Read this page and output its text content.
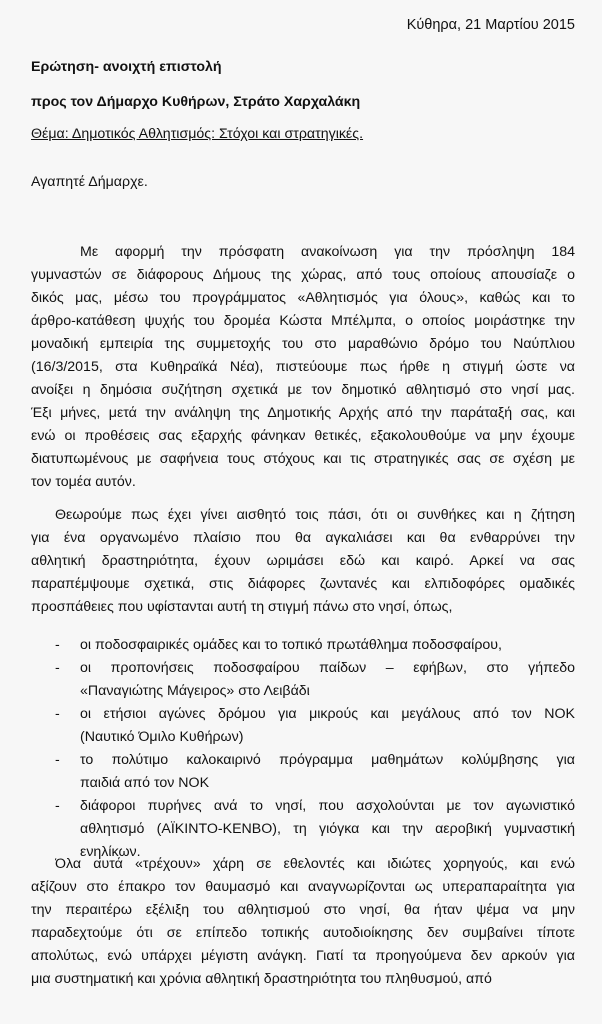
Κύθηρα, 21 Μαρτίου 2015
Ερώτηση- ανοιχτή επιστολή
προς τον Δήμαρχο Κυθήρων, Στράτο Χαρχαλάκη
Θέμα: Δημοτικός Αθλητισμός: Στόχοι και στρατηγικές.
Αγαπητέ Δήμαρχε.
Με αφορμή την πρόσφατη ανακοίνωση για την πρόσληψη 184
γυμναστών σε διάφορους Δήμους της χώρας, από τους οποίους απουσίαζε ο
δικός μας, μέσω του προγράμματος «Αθλητισμός για όλους», καθώς και το
άρθρο-κατάθεση ψυχής του δρομέα Κώστα Μπέλμπα, ο οποίος μοιράστηκε την
μοναδική εμπειρία της συμμετοχής του στο μαραθώνιο δρόμο του Ναύπλιου
(16/3/2015, στα Κυθηραϊκά Νέα), πιστεύουμε πως ήρθε η στιγμή ώστε να
ανοίξει η δημόσια συζήτηση σχετικά με τον δημοτικό αθλητισμό στο νησί μας.
Έξι μήνες, μετά την ανάληψη της Δημοτικής Αρχής από την παράταξή σας, και
ενώ οι προθέσεις σας εξαρχής φάνηκαν θετικές, εξακολουθούμε να μην έχουμε
διατυπωμένους με σαφήνεια τους στόχους και τις στρατηγικές σας σε σχέση με
τον τομέα αυτόν.
Θεωρούμε πως έχει γίνει αισθητό τοις πάσι, ότι οι συνθήκες και η ζήτηση
για ένα οργανωμένο πλαίσιο που θα αγκαλιάσει και θα ενθαρρύνει την
αθλητική δραστηριότητα, έχουν ωριμάσει εδώ και καιρό. Αρκεί να σας
παραπέμψουμε σχετικά, στις διάφορες ζωντανές και ελπιδοφόρες ομαδικές
προσπάθειες που υφίστανται αυτή τη στιγμή πάνω στο νησί, όπως,
- οι ποδοσφαιρικές ομάδες και το τοπικό πρωτάθλημα ποδοσφαίρου,
- οι προπονήσεις ποδοσφαίρου παίδων – εφήβων, στο γήπεδο
«Παναγιώτης Μάγειρος» στο Λειβάδι
- οι ετήσιοι αγώνες δρόμου για μικρούς και μεγάλους από τον ΝΟΚ
(Ναυτικό Όμιλο Κυθήρων)
- το πολύτιμο καλοκαιρινό πρόγραμμα μαθημάτων κολύμβησης για
παιδιά από τον ΝΟΚ
- διάφοροι πυρήνες ανά το νησί, που ασχολούνται με τον αγωνιστικό
αθλητισμό (ΑΪΚΙΝΤΟ-ΚΕΝΒΟ), τη γιόγκα και την αεροβική γυμναστική
ενηλίκων.
Όλα αυτά «τρέχουν» χάρη σε εθελοντές και ιδιώτες χορηγούς, και ενώ
αξίζουν στο έπακρο τον θαυμασμό και αναγνωρίζονται ως υπεραπαραίτητα για
την περαιτέρω εξέλιξη του αθλητισμού στο νησί, θα ήταν ψέμα να μην
παραδεχτούμε ότι σε επίπεδο τοπικής αυτοδιοίκησης δεν συμβαίνει τίποτε
απολύτως, ενώ υπάρχει μέγιστη ανάγκη. Γιατί τα προηγούμενα δεν αρκούν για
μια συστηματική και χρόνια αθλητική δραστηριότητα του πληθυσμού, από
